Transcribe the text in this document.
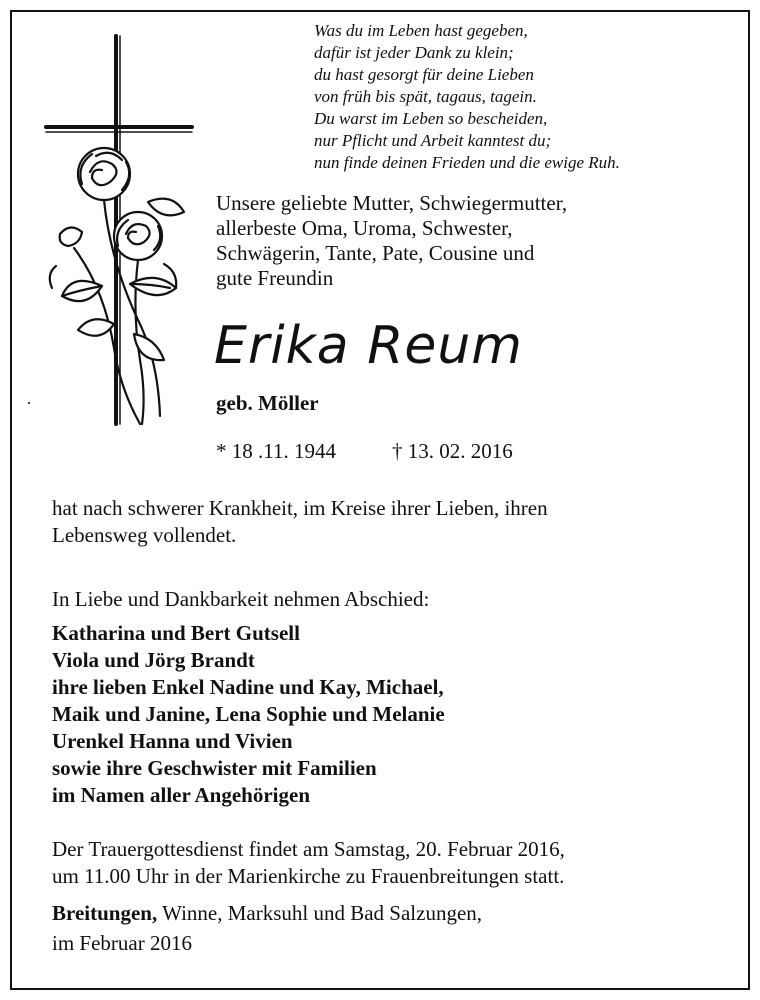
Was du im Leben hast gegeben,
dafür ist jeder Dank zu klein;
du hast gesorgt für deine Lieben
von früh bis spät, tagaus, tagein.
Du warst im Leben so bescheiden,
nur Pflicht und Arbeit kanntest du;
nun finde deinen Frieden und die ewige Ruh.
Unsere geliebte Mutter, Schwiegermutter,
allerbeste Oma, Uroma, Schwester,
Schwägerin, Tante, Pate, Cousine und
gute Freundin
Erika Reum
geb. Möller
* 18 .11. 1944	† 13. 02. 2016
hat nach schwerer Krankheit, im Kreise ihrer Lieben, ihren
Lebensweg vollendet.
In Liebe und Dankbarkeit nehmen Abschied:
Katharina und Bert Gutsell
Viola und Jörg Brandt
ihre lieben Enkel Nadine und Kay, Michael,
Maik und Janine, Lena Sophie und Melanie
Urenkel Hanna und Vivien
sowie ihre Geschwister mit Familien
im Namen aller Angehörigen
Der Trauergottesdienst findet am Samstag, 20. Februar 2016,
um 11.00 Uhr in der Marienkirche zu Frauenbreitungen statt.
Breitungen, Winne, Marksuhl und Bad Salzungen,
im Februar 2016
